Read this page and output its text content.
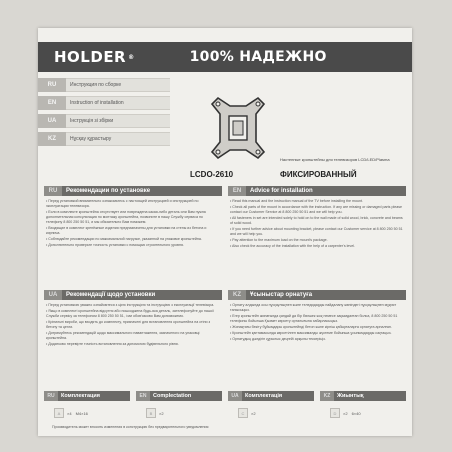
HOLDER ®	100% НАДЕЖНО
RU	Инструкция по сборке
EN	Instruction of installation
UA	Інструкція зі збірки
KZ	Нұсқау құрастыру
Настенные кронштейны для телевизоров LCD/LED/Plasma
LCDO-2610	ФИКСИРОВАННЫЙ
RU	Рекомендации по установке

• Перед установкой внимательно ознакомьтесь с настоящей инструкцией и инструкцией по эксплуатации телевизора.

• Если в комплекте кронштейна отсутствует или повреждена какая-либо деталь или Вам нужна дополнительная консультация по монтажу кронштейна, позвоните в нашу Службу сервиса по телефону 8 800 250 50 51, и мы обязательно Вам поможем.

• Входящие в комплект крепёжные изделия предназначены для установки на стены из бетона и кирпича.

• Соблюдайте рекомендации по максимальной нагрузке, указанной на упаковке кронштейна.

• Дополнительно проверьте точность установки с помощью строительного уровня.

EN	Advice for installation

• Read this manual and the instruction manual of the TV before installing the mount.

• Check all parts of the mount in accordance with the instruction. If any are missing or damaged parts please contact our Customer Service at 8 800 250 50 51 and we will help you.

• All fasteners in set are intended solely to hold on to the wall made of solid wood, brick, concrete and beams of solid wood.

• If you need further advice about mounting bracket, please contact our Customer service at 8 800 250 50 51 and we will help you.

• Pay attention to the maximum load on the mount's package.

• Also check the accuracy of the installation with the help of a carpenter's level.

UA	Рекомендації щодо установки

• Перед установкою уважно ознайомтеся з цією інструкцією та інструкцією з експлуатації телевізора.

• Якщо в комплекті кронштейна відсутня або пошкоджена будь-яка деталь, зателефонуйте до нашої Служби сервісу за телефоном 8 800 250 50 51, і ми обов'язково Вам допоможемо.

• Кріпильні вироби, що входять до комплекту, призначені для встановлення кронштейна на стіни з бетону та цегли.

• Дотримуйтесь рекомендацій щодо максимального навантаження, зазначеного на упаковці кронштейна.

• Додатково перевірте точність встановлення за допомогою будівельного рівня.

KZ	Ұсыныстар орнатуға

• Орнату алдында осы нұсқаулықпен және теледидарды пайдалану жөніндегі нұсқаулықпен мұқият танысыңыз.

• Егер кронштейн жинағында қандай да бір бөлшек жоқ немесе зақымдалған болса, 8 800 250 50 51 телефоны бойынша Қызмет көрсету орталығына хабарласыңыз.

• Жинақтағы бекіту бұйымдары кронштейнді бетон және кірпіш қабырғаларға орнатуға арналған.

• Кронштейн қаптамасында көрсетілген максималды жүктеме бойынша ұсынымдарды сақтаңыз.

• Орнатудың дәлдігін құрылыс деңгейі арқылы тексеріңіз.

RU	Комплектация	EN	Complectation	UA	Комплектація	KZ	Жиынтық
A	×4 M4×16	B	×2	C	×2	D	×2 6×40
Производитель может вносить изменения в конструкцию без предварительного уведомления
